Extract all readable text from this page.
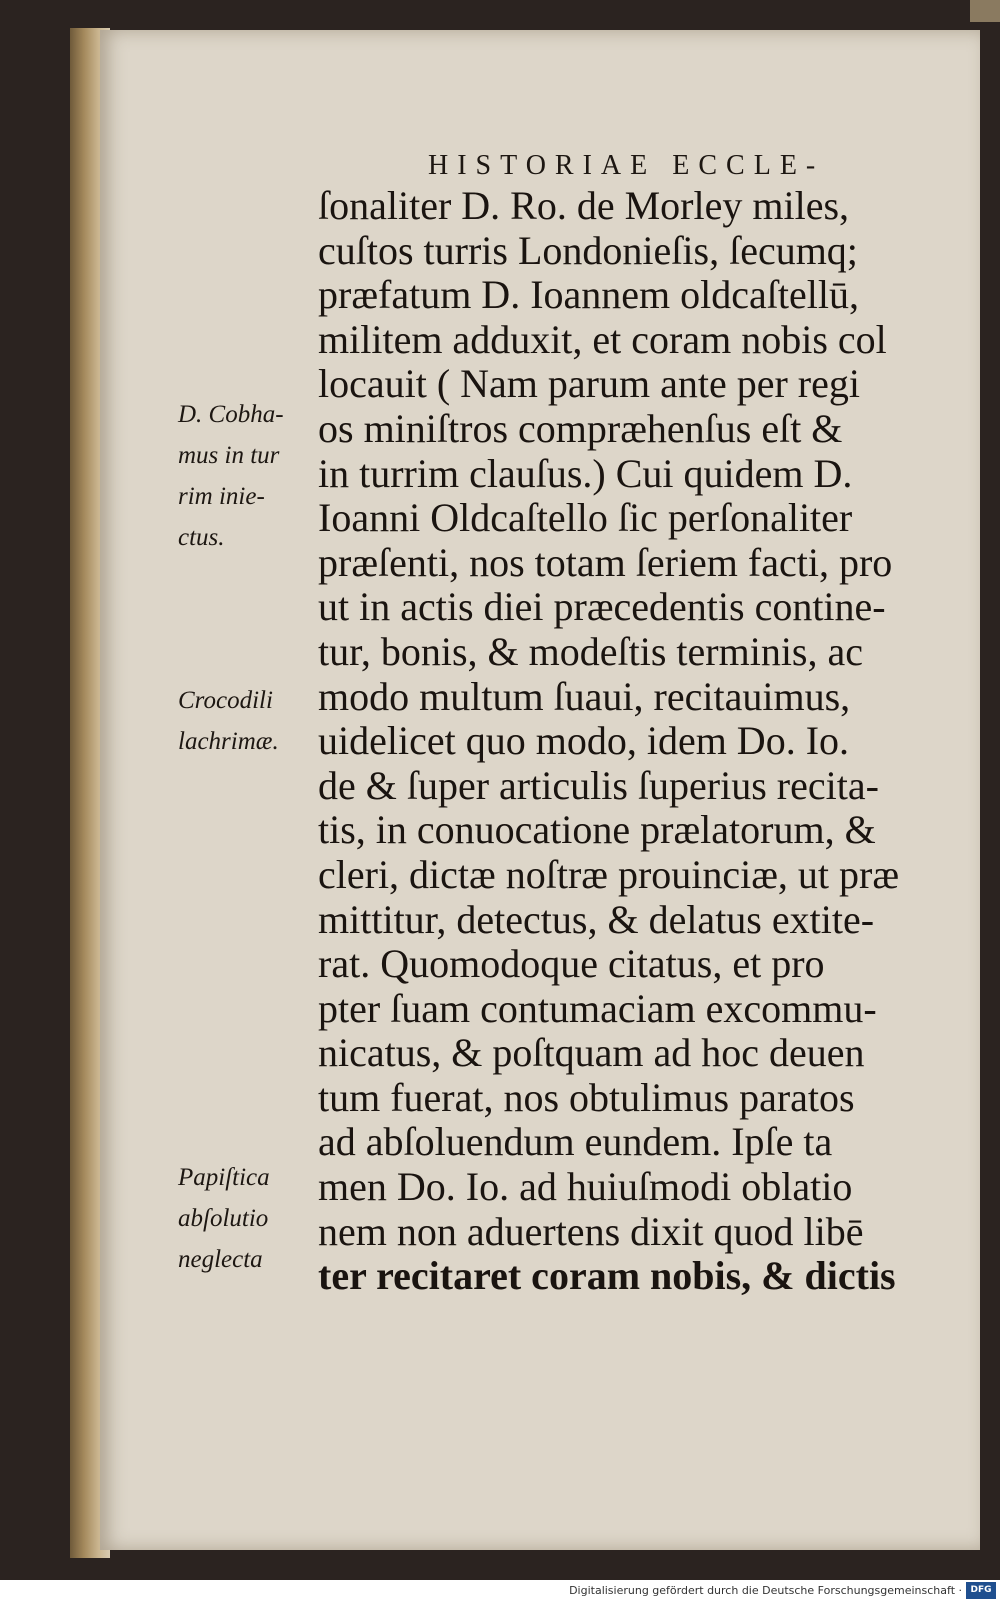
HISTORIAE ECCLE-
ſonaliter D. Ro. de Morley miles,
cuſtos turris Londonieſis, ſecumq;
præfatum D. Ioannem oldcaſtellū,
militem adduxit, et coram nobis col
locauit ( Nam parum ante per regi
os miniſtros compræhenſus eſt &
in turrim clauſus.) Cui quidem D.
Ioanni Oldcaſtello ſic perſonaliter
præſenti, nos totam ſeriem facti, pro
ut in actis diei præcedentis contine-
tur, bonis, & modeſtis terminis, ac
modo multum ſuaui, recitauimus,
uidelicet quo modo, idem Do. Io.
de & ſuper articulis ſuperius recita-
tis, in conuocatione prælatorum, &
cleri, dictæ noſtræ prouinciæ, ut præ
mittitur, detectus, & delatus extite-
rat. Quomodoque citatus, et pro
pter ſuam contumaciam excommu-
nicatus, & poſtquam ad hoc deuen
tum fuerat, nos obtulimus paratos
ad abſoluendum eundem. Ipſe ta
men Do. Io. ad huiuſmodi oblatio
nem non aduertens dixit quod libē
ter recitaret coram nobis, & dictis
D. Cobha-
mus in tur
rim inie-
ctus.
Crocodili
lachrimæ.
Papiſtica
abſolutio
neglecta
Digitalisierung gefördert durch die Deutsche Forschungsgemeinschaft · DFG
